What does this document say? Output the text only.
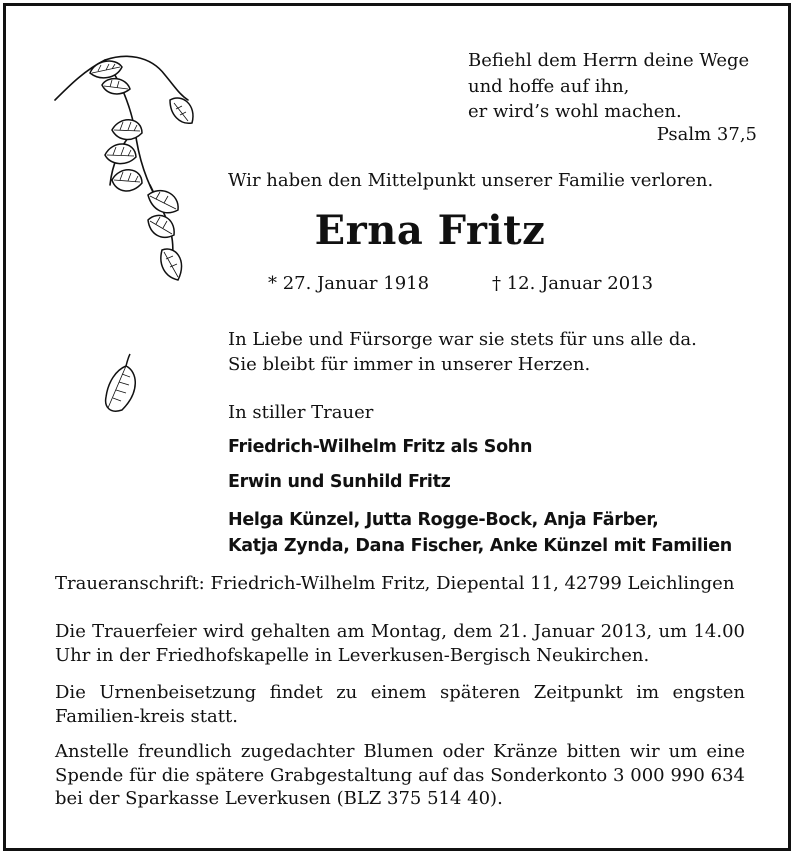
Befiehl dem Herrn deine Wege
und hoffe auf ihn,
er wird’s wohl machen.
Psalm 37,5
Wir haben den Mittelpunkt unserer Familie verloren.
Erna Fritz
* 27. Januar 1918	† 12. Januar 2013
In Liebe und Fürsorge war sie stets für uns alle da.
Sie bleibt für immer in unserer Herzen.
In stiller Trauer
Friedrich-Wilhelm Fritz als Sohn
Erwin und Sunhild Fritz
Helga Künzel, Jutta Rogge-Bock, Anja Färber,
Katja Zynda, Dana Fischer, Anke Künzel mit Familien
Traueranschrift: Friedrich-Wilhelm Fritz, Diepental 11, 42799 Leichlingen

Die Trauerfeier wird gehalten am Montag, dem 21. Januar 2013, um 14.00 Uhr in der Friedhofskapelle in Leverkusen-Bergisch Neukirchen.

Die Urnenbeisetzung findet zu einem späteren Zeitpunkt im engsten Familien-kreis statt.

Anstelle freundlich zugedachter Blumen oder Kränze bitten wir um eine Spende für die spätere Grabgestaltung auf das Sonderkonto 3 000 990 634 bei der Sparkasse Leverkusen (BLZ 375 514 40).
